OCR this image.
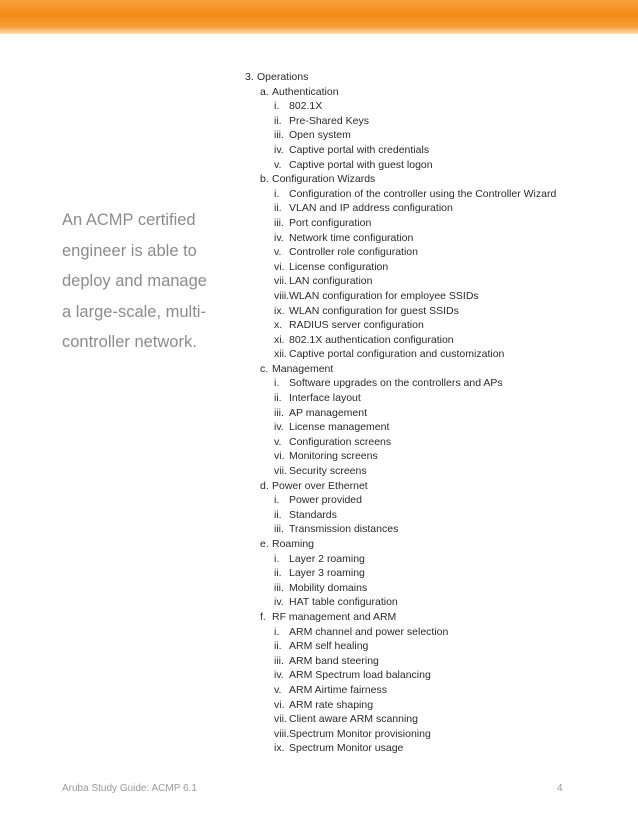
An ACMP certified
engineer is able to
deploy and manage
a large-scale, multi-
controller network.
3. Operations
a. Authentication
i. 802.1X
ii. Pre-Shared Keys
iii. Open system
iv. Captive portal with credentials
v. Captive portal with guest logon
b. Configuration Wizards
i. Configuration of the controller using the Controller Wizard
ii. VLAN and IP address configuration
iii. Port configuration
iv. Network time configuration
v. Controller role configuration
vi. License configuration
vii. LAN configuration
viii. WLAN configuration for employee SSIDs
ix. WLAN configuration for guest SSIDs
x. RADIUS server configuration
xi. 802.1X authentication configuration
xii. Captive portal configuration and customization
c. Management
i. Software upgrades on the controllers and APs
ii. Interface layout
iii. AP management
iv. License management
v. Configuration screens
vi. Monitoring screens
vii. Security screens
d. Power over Ethernet
i. Power provided
ii. Standards
iii. Transmission distances
e. Roaming
i. Layer 2 roaming
ii. Layer 3 roaming
iii. Mobility domains
iv. HAT table configuration
f. RF management and ARM
i. ARM channel and power selection
ii. ARM self healing
iii. ARM band steering
iv. ARM Spectrum load balancing
v. ARM Airtime fairness
vi. ARM rate shaping
vii. Client aware ARM scanning
viii. Spectrum Monitor provisioning
ix. Spectrum Monitor usage
Aruba Study Guide: ACMP 6.1	4
